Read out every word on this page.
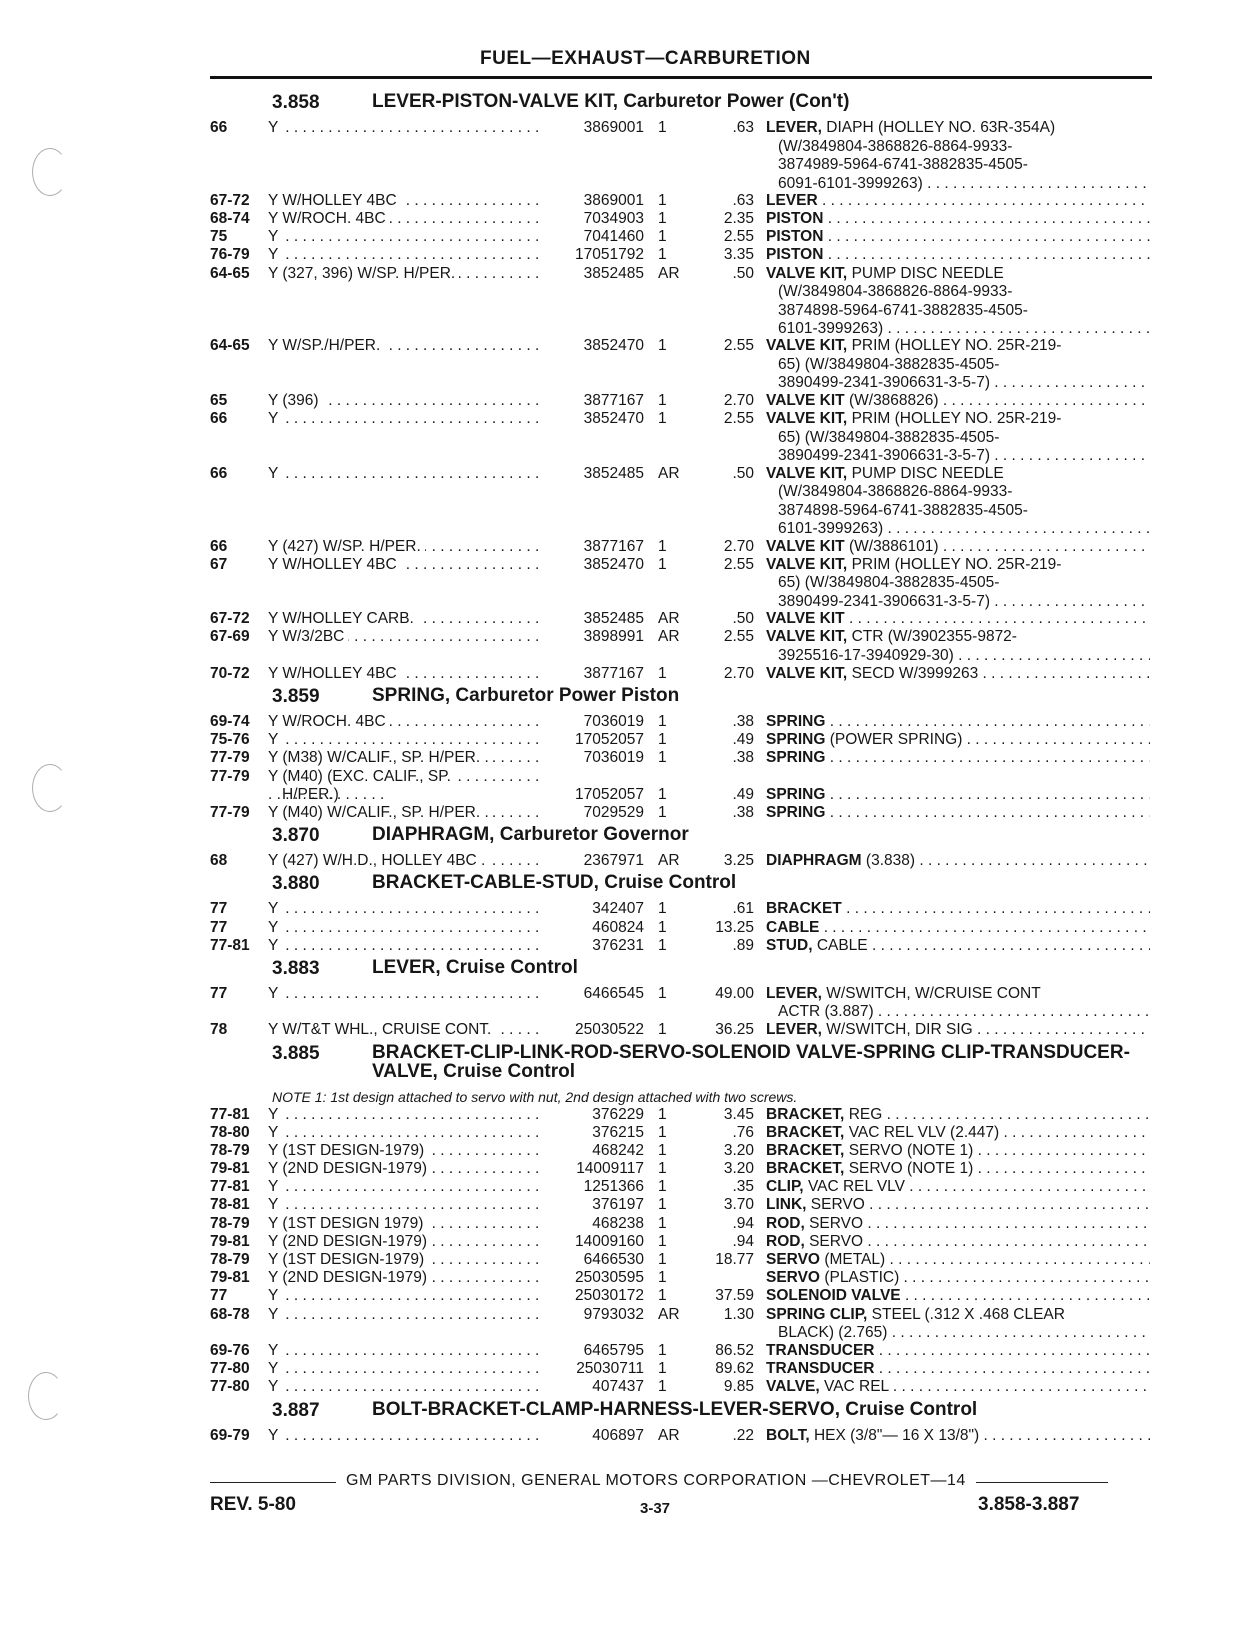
FUEL—EXHAUST—CARBURETION
3.858	LEVER-PISTON-VALVE KIT, Carburetor Power (Con't)
66	Y . . .	3869001 1	.63 LEVER, DIAPH (HOLLEY NO. 63R-354A)
(W/3849804-3868826-8864-9933-
3874989-5964-6741-3882835-4505-
6091-6101-3999263) . . .
67-72	Y W/HOLLEY 4BC . . .	3869001 1	.63 LEVER . . .
68-74	Y W/ROCH. 4BC . . .	7034903 1	2.35 PISTON . . .
75	Y . . .	7041460 1	2.55 PISTON . . .
76-79	Y . . .	17051792 1	3.35 PISTON . . .
64-65	Y (327, 396) W/SP. H/PER. . . .	3852485 AR	.50 VALVE KIT, PUMP DISC NEEDLE
(W/3849804-3868826-8864-9933-
3874898-5964-6741-3882835-4505-
6101-3999263) . . .
64-65	Y W/SP./H/PER. . . .	3852470 1	2.55 VALVE KIT, PRIM (HOLLEY NO. 25R-219-
65) (W/3849804-3882835-4505-
3890499-2341-3906631-3-5-7) . . .
65	Y (396) . . .	3877167 1	2.70 VALVE KIT (W/3868826) . . .
66	Y . . .	3852470 1	2.55 VALVE KIT, PRIM (HOLLEY NO. 25R-219-
65) (W/3849804-3882835-4505-
3890499-2341-3906631-3-5-7) . . .
66	Y . . .	3852485 AR	.50 VALVE KIT, PUMP DISC NEEDLE
(W/3849804-3868826-8864-9933-
3874898-5964-6741-3882835-4505-
6101-3999263) . . .
66	Y (427) W/SP. H/PER. . . .	3877167 1	2.70 VALVE KIT (W/3886101) . . .
67	Y W/HOLLEY 4BC . . .	3852470 1	2.55 VALVE KIT, PRIM (HOLLEY NO. 25R-219-
65) (W/3849804-3882835-4505-
3890499-2341-3906631-3-5-7) . . .
67-72	Y W/HOLLEY CARB. . . .	3852485 AR	.50 VALVE KIT . . .
67-69	Y W/3/2BC . . .	3898991 AR	2.55 VALVE KIT, CTR (W/3902355-9872-
3925516-17-3940929-30) . . .
70-72	Y W/HOLLEY 4BC . . .	3877167 1	2.70 VALVE KIT, SECD W/3999263 . . .
3.859	SPRING, Carburetor Power Piston
69-74	Y W/ROCH. 4BC . . .	7036019 1	.38 SPRING . . .
75-76	Y . . .	17052057 1	.49 SPRING (POWER SPRING) . . .
77-79	Y (M38) W/CALIF., SP. H/PER. . . . .	7036019 1	.38 SPRING . . .
77-79	Y (M40) (EXC. CALIF., SP.

H/PER.)
. . .	17052057 1	.49 SPRING . . .
77-79	Y (M40) W/CALIF., SP. H/PER. . . . .	7029529 1	.38 SPRING . . .
3.870	DIAPHRAGM, Carburetor Governor
68	Y (427) W/H.D., HOLLEY 4BC . . . .	2367971 AR	3.25 DIAPHRAGM (3.838) . . .
3.880	BRACKET-CABLE-STUD, Cruise Control
77	Y . . .	342407 1	.61 BRACKET . . .
77	Y . . .	460824 1	13.25 CABLE . . .
77-81	Y . . .	376231 1	.89 STUD, CABLE . . .
3.883	LEVER, Cruise Control
77	Y . . .	6466545 1	49.00 LEVER, W/SWITCH, W/CRUISE CONT
ACTR (3.887) . . .
78	Y W/T&T WHL., CRUISE CONT. . . .	25030522 1	36.25 LEVER, W/SWITCH, DIR SIG . . .
3.885	BRACKET-CLIP-LINK-ROD-SERVO-SOLENOID VALVE-SPRING CLIP-TRANSDUCER-VALVE, Cruise Control
NOTE 1: 1st design attached to servo with nut, 2nd design attached with two screws.
77-81	Y . . .	376229 1	3.45 BRACKET, REG . . .
78-80	Y . . .	376215 1	.76 BRACKET, VAC REL VLV (2.447) . . .
78-79	Y (1ST DESIGN-1979) . . .	468242 1	3.20 BRACKET, SERVO (NOTE 1) . . .
79-81	Y (2ND DESIGN-1979) . . .	14009117 1	3.20 BRACKET, SERVO (NOTE 1) . . .
77-81	Y . . .	1251366 1	.35 CLIP, VAC REL VLV . . .
78-81	Y . . .	376197 1	3.70 LINK, SERVO . . .
78-79	Y (1ST DESIGN 1979) . . .	468238 1	.94 ROD, SERVO . . .
79-81	Y (2ND DESIGN-1979) . . .	14009160 1	.94 ROD, SERVO . . .
78-79	Y (1ST DESIGN-1979) . . .	6466530 1	18.77 SERVO (METAL) . . .
79-81	Y (2ND DESIGN-1979) . . .	25030595 1	SERVO (PLASTIC) . . .
77	Y . . .	25030172 1	37.59 SOLENOID VALVE . . .
68-78	Y . . .	9793032 AR	1.30 SPRING CLIP, STEEL (.312 X .468 CLEAR
BLACK) (2.765) . . .
69-76	Y . . .	6465795 1	86.52 TRANSDUCER . . .
77-80	Y . . .	25030711 1	89.62 TRANSDUCER . . .
77-80	Y . . .	407437 1	9.85 VALVE, VAC REL . . .
3.887	BOLT-BRACKET-CLAMP-HARNESS-LEVER-SERVO, Cruise Control
69-79	Y . . .	406897 AR	.22 BOLT, HEX (3/8"— 16 X 13/8") . . .
GM PARTS DIVISION, GENERAL MOTORS CORPORATION —CHEVROLET—14
REV. 5-80	3-37	3.858-3.887
